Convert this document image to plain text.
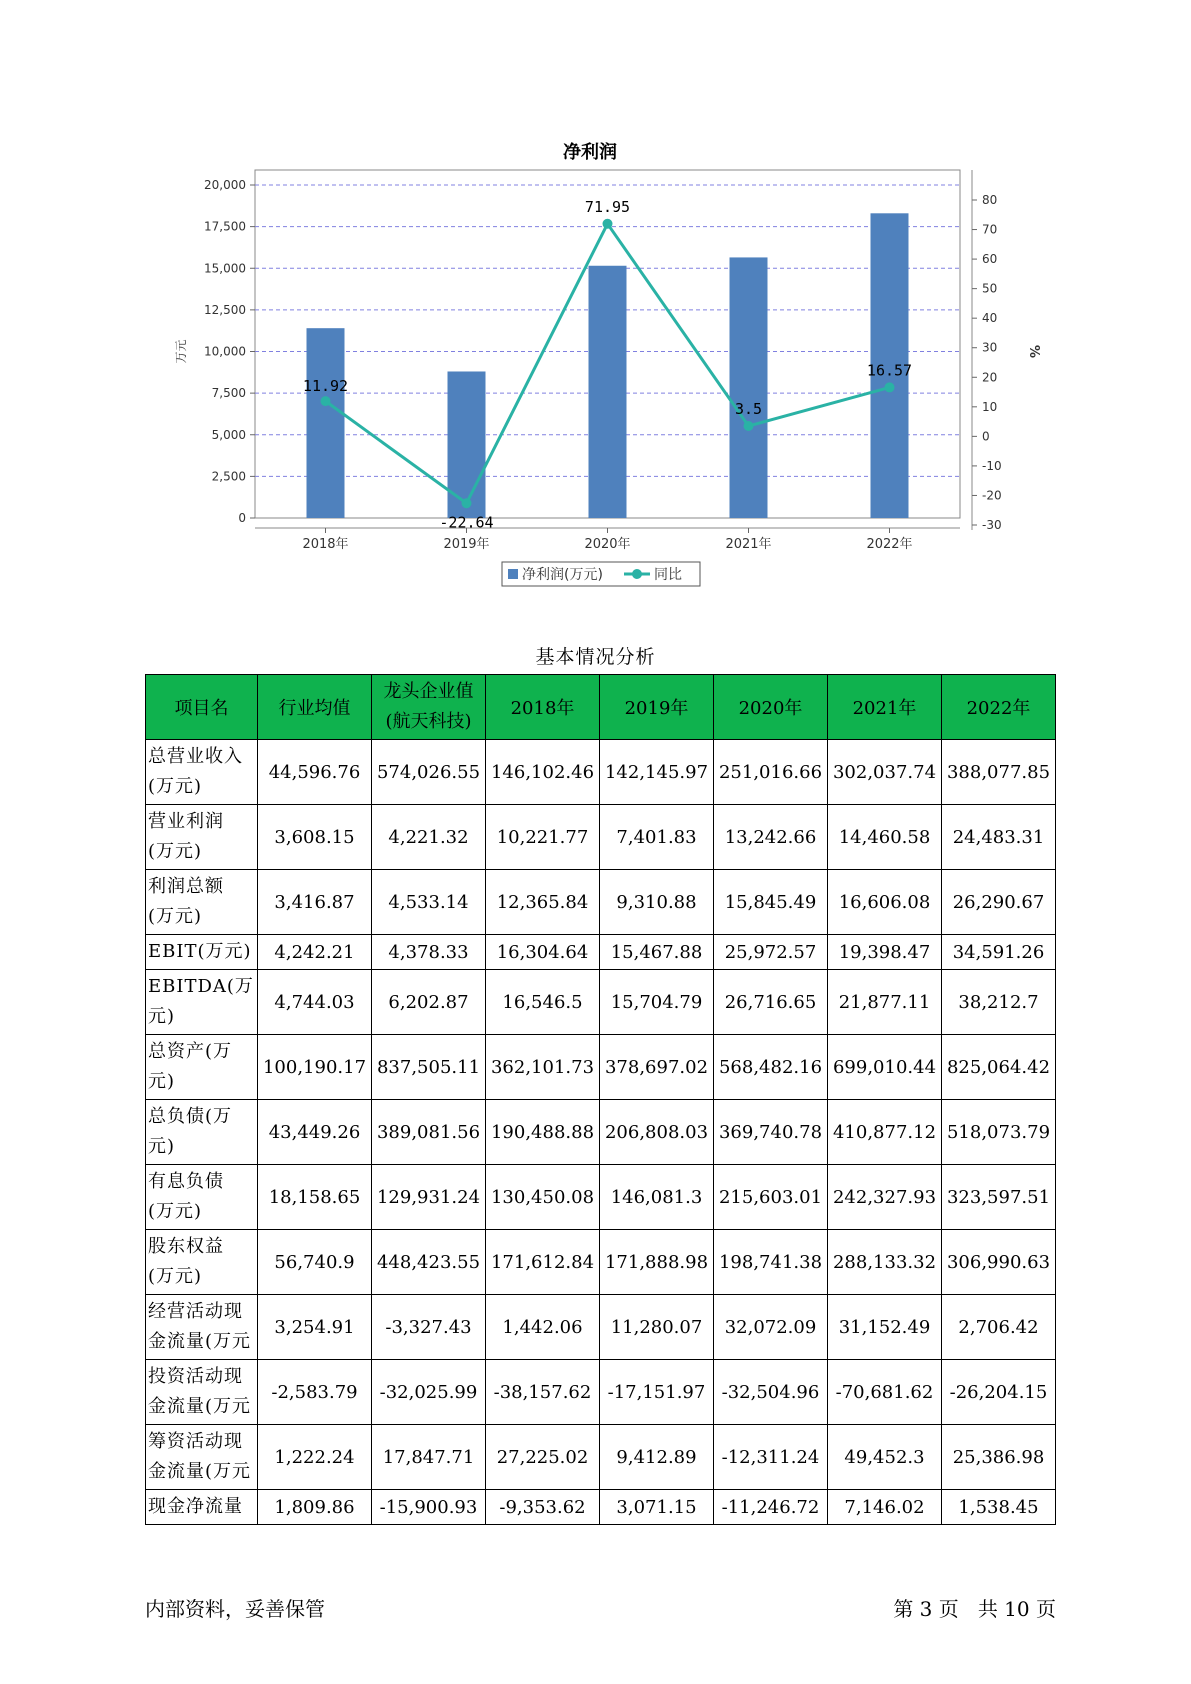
0
2,500
5,000
7,500
10,000
12,500
15,000
17,500
20,000
万元
-30
-20
-10
0
10
20
30
40
50
60
70
80
%
2018年	2019年	2020年	2021年	2022年
11.92
-22.64
71.95
3.5
16.57
净利润(万元)	同比
净利润
基本情况分析
项目名	行业均值	龙头企业值
(航天科技)	2018年	2019年	2020年	2021年	2022年
总营业收入
(万元)	44,596.76	574,026.55	146,102.46	142,145.97	251,016.66	302,037.74	388,077.85
营业利润
(万元)	3,608.15	4,221.32	10,221.77	7,401.83	13,242.66	14,460.58	24,483.31
利润总额
(万元)	3,416.87	4,533.14	12,365.84	9,310.88	15,845.49	16,606.08	26,290.67
EBIT(万元)	4,242.21	4,378.33	16,304.64	15,467.88	25,972.57	19,398.47	34,591.26
EBITDA(万
元)	4,744.03	6,202.87	16,546.5	15,704.79	26,716.65	21,877.11	38,212.7
总资产(万
元)	100,190.17	837,505.11	362,101.73	378,697.02	568,482.16	699,010.44	825,064.42
总负债(万
元)	43,449.26	389,081.56	190,488.88	206,808.03	369,740.78	410,877.12	518,073.79
有息负债
(万元)	18,158.65	129,931.24	130,450.08	146,081.3	215,603.01	242,327.93	323,597.51
股东权益
(万元)	56,740.9	448,423.55	171,612.84	171,888.98	198,741.38	288,133.32	306,990.63
经营活动现
金流量(万元	3,254.91	-3,327.43	1,442.06	11,280.07	32,072.09	31,152.49	2,706.42
投资活动现
金流量(万元	-2,583.79	-32,025.99	-38,157.62	-17,151.97	-32,504.96	-70,681.62	-26,204.15
筹资活动现
金流量(万元	1,222.24	17,847.71	27,225.02	9,412.89	-12,311.24	49,452.3	25,386.98
现金净流量	1,809.86	-15,900.93	-9,353.62	3,071.15	-11,246.72	7,146.02	1,538.45
内部资料，妥善保管	第 3 页   共 10 页
